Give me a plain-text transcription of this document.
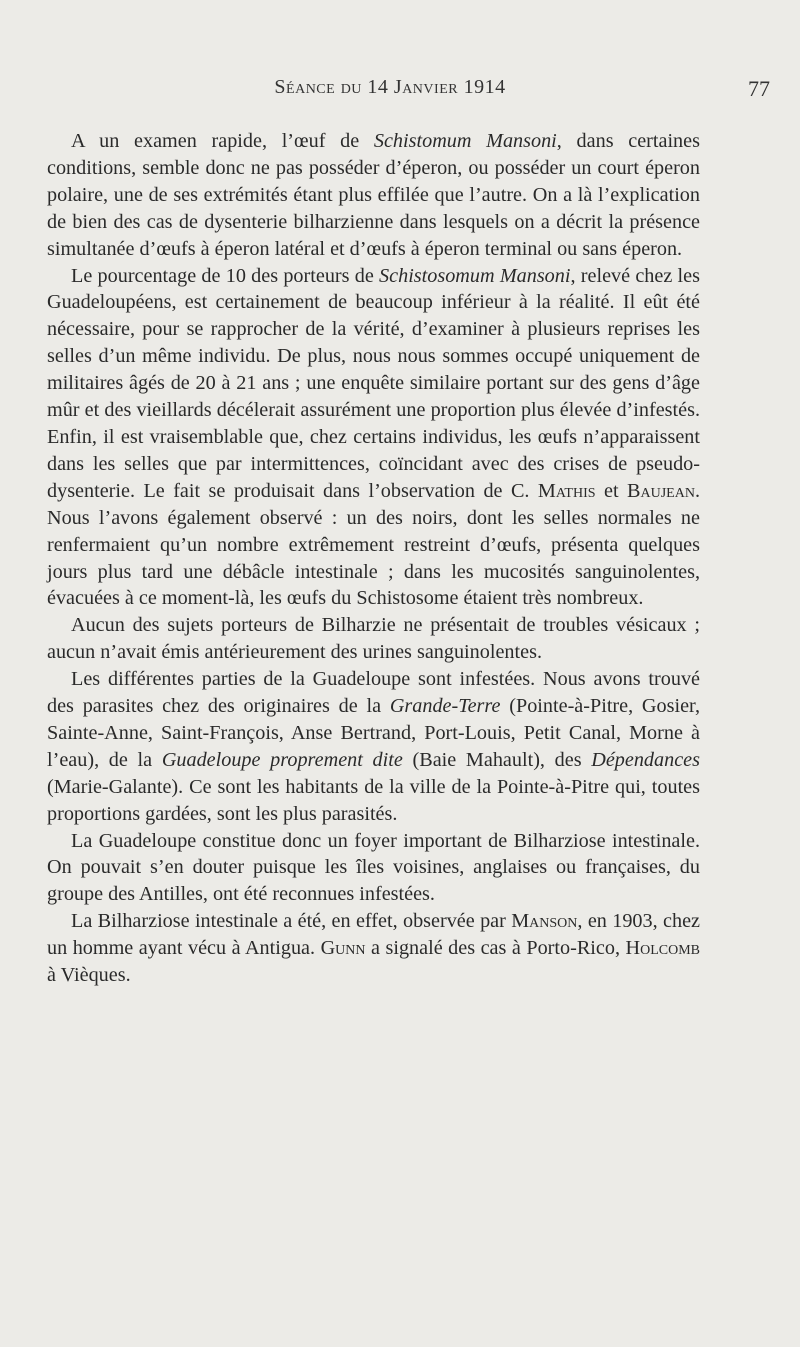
Séance du 14 Janvier 1914	77

A un examen rapide, l’œuf de Schistomum Mansoni, dans certaines conditions, semble donc ne pas posséder d’éperon, ou posséder un court éperon polaire, une de ses extrémités étant plus effilée que l’autre. On a là l’explication de bien des cas de dysenterie bilharzienne dans lesquels on a décrit la présence simultanée d’œufs à éperon latéral et d’œufs à éperon terminal ou sans éperon.

Le pourcentage de 10 des porteurs de Schistosomum Mansoni, relevé chez les Guadeloupéens, est certainement de beaucoup inférieur à la réalité. Il eût été nécessaire, pour se rapprocher de la vérité, d’examiner à plusieurs reprises les selles d’un même individu. De plus, nous nous sommes occupé uniquement de militaires âgés de 20 à 21 ans ; une enquête similaire portant sur des gens d’âge mûr et des vieillards décélerait assurément une proportion plus élevée d’infestés. Enfin, il est vraisemblable que, chez certains individus, les œufs n’apparaissent dans les selles que par intermittences, coïncidant avec des crises de pseudo-dysenterie. Le fait se produisait dans l’observation de C. Mathis et Baujean. Nous l’avons également observé : un des noirs, dont les selles normales ne renfermaient qu’un nombre extrêmement restreint d’œufs, présenta quelques jours plus tard une débâcle intestinale ; dans les mucosités sanguinolentes, évacuées à ce moment-là, les œufs du Schistosome étaient très nombreux.

Aucun des sujets porteurs de Bilharzie ne présentait de troubles vésicaux ; aucun n’avait émis antérieurement des urines sanguinolentes.

Les différentes parties de la Guadeloupe sont infestées. Nous avons trouvé des parasites chez des originaires de la Grande-Terre (Pointe-à-Pitre, Gosier, Sainte-Anne, Saint-François, Anse Bertrand, Port-Louis, Petit Canal, Morne à l’eau), de la Guadeloupe proprement dite (Baie Mahault), des Dépendances (Marie-Galante). Ce sont les habitants de la ville de la Pointe-à-Pitre qui, toutes proportions gardées, sont les plus parasités.

La Guadeloupe constitue donc un foyer important de Bilharziose intestinale. On pouvait s’en douter puisque les îles voisines, anglaises ou françaises, du groupe des Antilles, ont été reconnues infestées.

La Bilharziose intestinale a été, en effet, observée par Manson, en 1903, chez un homme ayant vécu à Antigua. Gunn a signalé des cas à Porto-Rico, Holcomb à Vièques.
